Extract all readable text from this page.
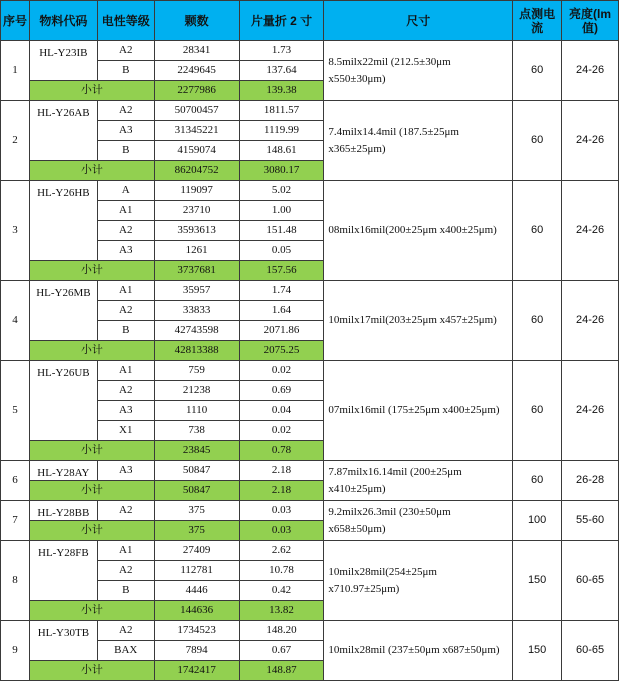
序号	物料代码	电性等级	颗数	片量折 2 寸	尺寸	点测电流	亮度(lm值)
1	HL-Y23IB	A2	28341	1.73	8.5milx22mil (212.5±30μm x550±30μm)	60	24-26
		B	2249645	137.64			
	小计		2277986	139.38			
2	HL-Y26AB	A2	50700457	1811.57	7.4milx14.4mil (187.5±25μm x365±25μm)	60	24-26
		A3	31345221	1119.99			
		B	4159074	148.61			
	小计		86204752	3080.17			
3	HL-Y26HB	A	119097	5.02	08milx16mil(200±25μm x400±25μm)	60	24-26
		A1	23710	1.00			
		A2	3593613	151.48			
		A3	1261	0.05			
	小计		3737681	157.56			
4	HL-Y26MB	A1	35957	1.74	10milx17mil(203±25μm x457±25μm)	60	24-26
		A2	33833	1.64			
		B	42743598	2071.86			
	小计		42813388	2075.25			
5	HL-Y26UB	A1	759	0.02	07milx16mil (175±25μm x400±25μm)	60	24-26
		A2	21238	0.69			
		A3	1110	0.04			
		X1	738	0.02			
	小计		23845	0.78			
6	HL-Y28AY	A3	50847	2.18	7.87milx16.14mil (200±25μm x410±25μm)	60	26-28
	小计		50847	2.18			
7	HL-Y28BB	A2	375	0.03	9.2milx26.3mil (230±50μm x658±50μm)	100	55-60
	小计		375	0.03			
8	HL-Y28FB	A1	27409	2.62	10milx28mil(254±25μm x710.97±25μm)	150	60-65
		A2	112781	10.78			
		B	4446	0.42			
	小计		144636	13.82			
9	HL-Y30TB	A2	1734523	148.20	10milx28mil (237±50μm x687±50μm)	150	60-65
		BAX	7894	0.67			
	小计		1742417	148.87			
